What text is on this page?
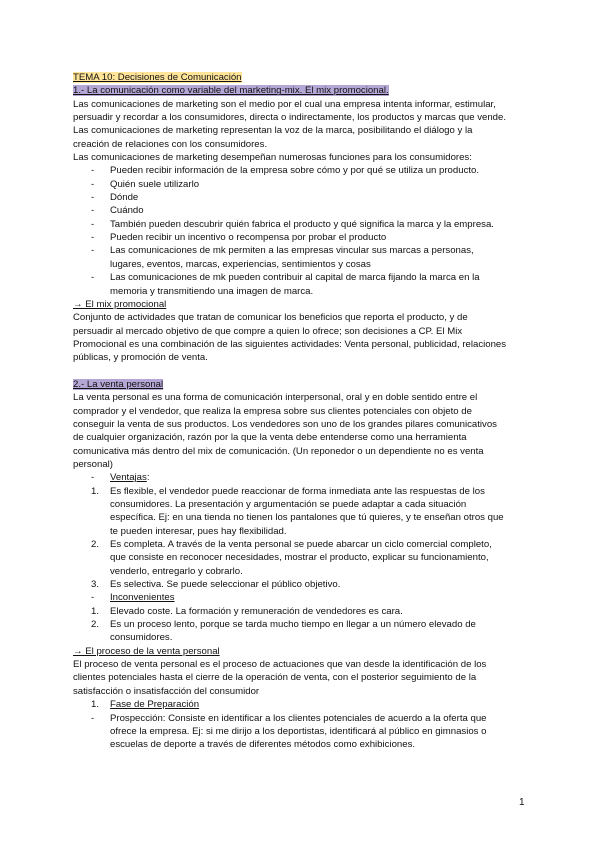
TEMA 10: Decisiones de Comunicación
1.- La comunicación como variable del marketing-mix. El mix promocional.
Las comunicaciones de marketing son el medio por el cual una empresa intenta informar, estimular,
persuadir y recordar a los consumidores, directa o indirectamente, los productos y marcas que vende.
Las comunicaciones de marketing representan la voz de la marca, posibilitando el diálogo y la
creación de relaciones con los consumidores.
Las comunicaciones de marketing desempeñan numerosas funciones para los consumidores:
- Pueden recibir información de la empresa sobre cómo y por qué se utiliza un producto.
- Quién suele utilizarlo
- Dónde
- Cuándo
- También pueden descubrir quién fabrica el producto y qué significa la marca y la empresa.
- Pueden recibir un incentivo o recompensa por probar el producto
- Las comunicaciones de mk permiten a las empresas vincular sus marcas a personas,
lugares, eventos, marcas, experiencias, sentimientos y cosas
- Las comunicaciones de mk pueden contribuir al capital de marca fijando la marca en la
memoria y transmitiendo una imagen de marca.
→ El mix promocional
Conjunto de actividades que tratan de comunicar los beneficios que reporta el producto, y de
persuadir al mercado objetivo de que compre a quien lo ofrece; son decisiones a CP. El Mix
Promocional es una combinación de las siguientes actividades: Venta personal, publicidad, relaciones
públicas, y promoción de venta.
2.- La venta personal
La venta personal es una forma de comunicación interpersonal, oral y en doble sentido entre el
comprador y el vendedor, que realiza la empresa sobre sus clientes potenciales con objeto de
conseguir la venta de sus productos. Los vendedores son uno de los grandes pilares comunicativos
de cualquier organización, razón por la que la venta debe entenderse como una herramienta
comunicativa más dentro del mix de comunicación. (Un reponedor o un dependiente no es venta
personal)
- Ventajas:
1. Es flexible, el vendedor puede reaccionar de forma inmediata ante las respuestas de los
consumidores. La presentación y argumentación se puede adaptar a cada situación
específica. Ej: en una tienda no tienen los pantalones que tú quieres, y te enseñan otros que
te pueden interesar, pues hay flexibilidad.
2. Es completa. A través de la venta personal se puede abarcar un ciclo comercial completo,
que consiste en reconocer necesidades, mostrar el producto, explicar su funcionamiento,
venderlo, entregarlo y cobrarlo.
3. Es selectiva. Se puede seleccionar el público objetivo.
- Inconvenientes
1. Elevado coste. La formación y remuneración de vendedores es cara.
2. Es un proceso lento, porque se tarda mucho tiempo en llegar a un número elevado de
consumidores.
→ El proceso de la venta personal
El proceso de venta personal es el proceso de actuaciones que van desde la identificación de los
clientes potenciales hasta el cierre de la operación de venta, con el posterior seguimiento de la
satisfacción o insatisfacción del consumidor
1. Fase de Preparación
- Prospección: Consiste en identificar a los clientes potenciales de acuerdo a la oferta que
ofrece la empresa. Ej: si me dirijo a los deportistas, identificará al público en gimnasios o
escuelas de deporte a través de diferentes métodos como exhibiciones.
1
